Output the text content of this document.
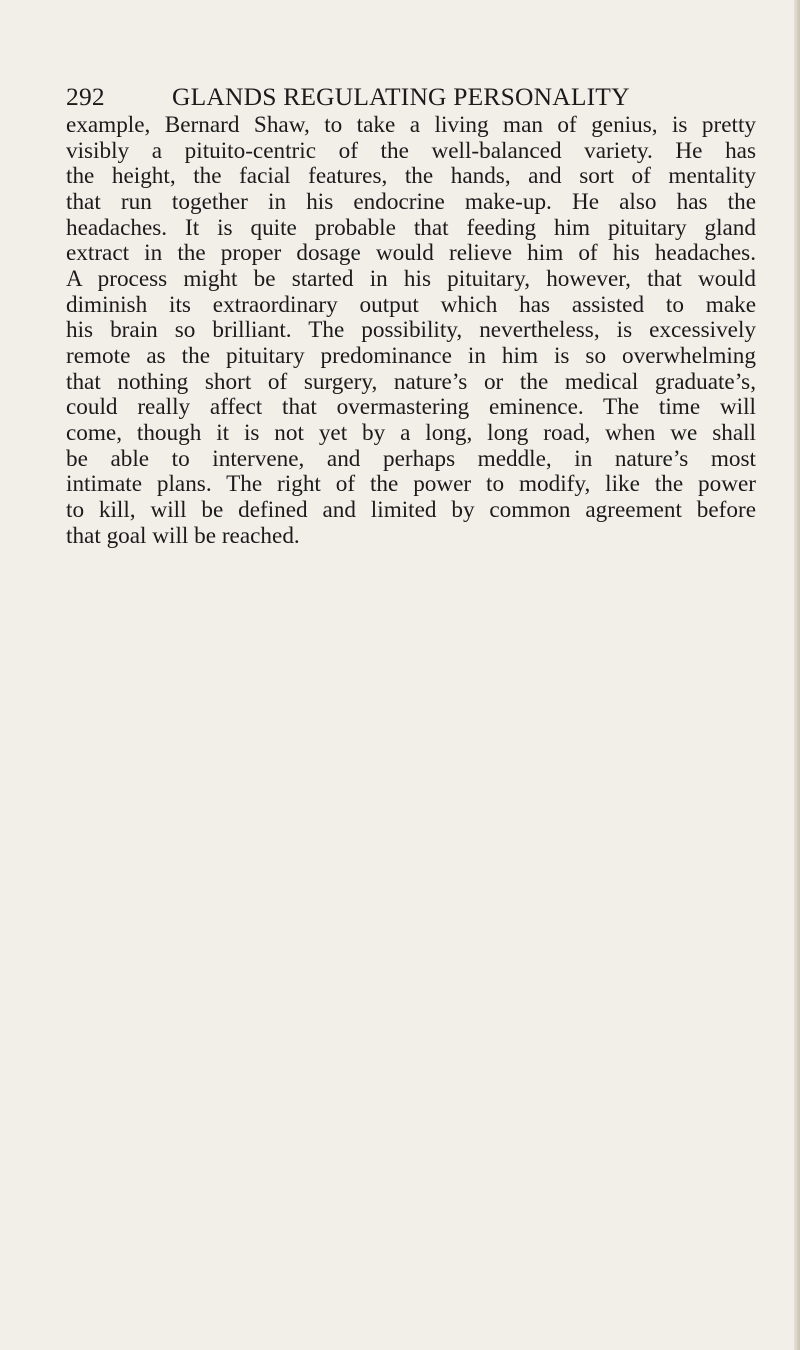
292	GLANDS REGULATING PERSONALITY

example, Bernard Shaw, to take a living man of genius, is pretty
visibly a pituito-centric of the well-balanced variety. He has
the height, the facial features, the hands, and sort of mentality
that run together in his endocrine make-up. He also has the
headaches. It is quite probable that feeding him pituitary gland
extract in the proper dosage would relieve him of his headaches.
A process might be started in his pituitary, however, that would
diminish its extraordinary output which has assisted to make
his brain so brilliant. The possibility, nevertheless, is excessively
remote as the pituitary predominance in him is so overwhelming
that nothing short of surgery, nature’s or the medical graduate’s,
could really affect that overmastering eminence. The time will
come, though it is not yet by a long, long road, when we shall
be able to intervene, and perhaps meddle, in nature’s most
intimate plans. The right of the power to modify, like the power
to kill, will be defined and limited by common agreement before
that goal will be reached.
